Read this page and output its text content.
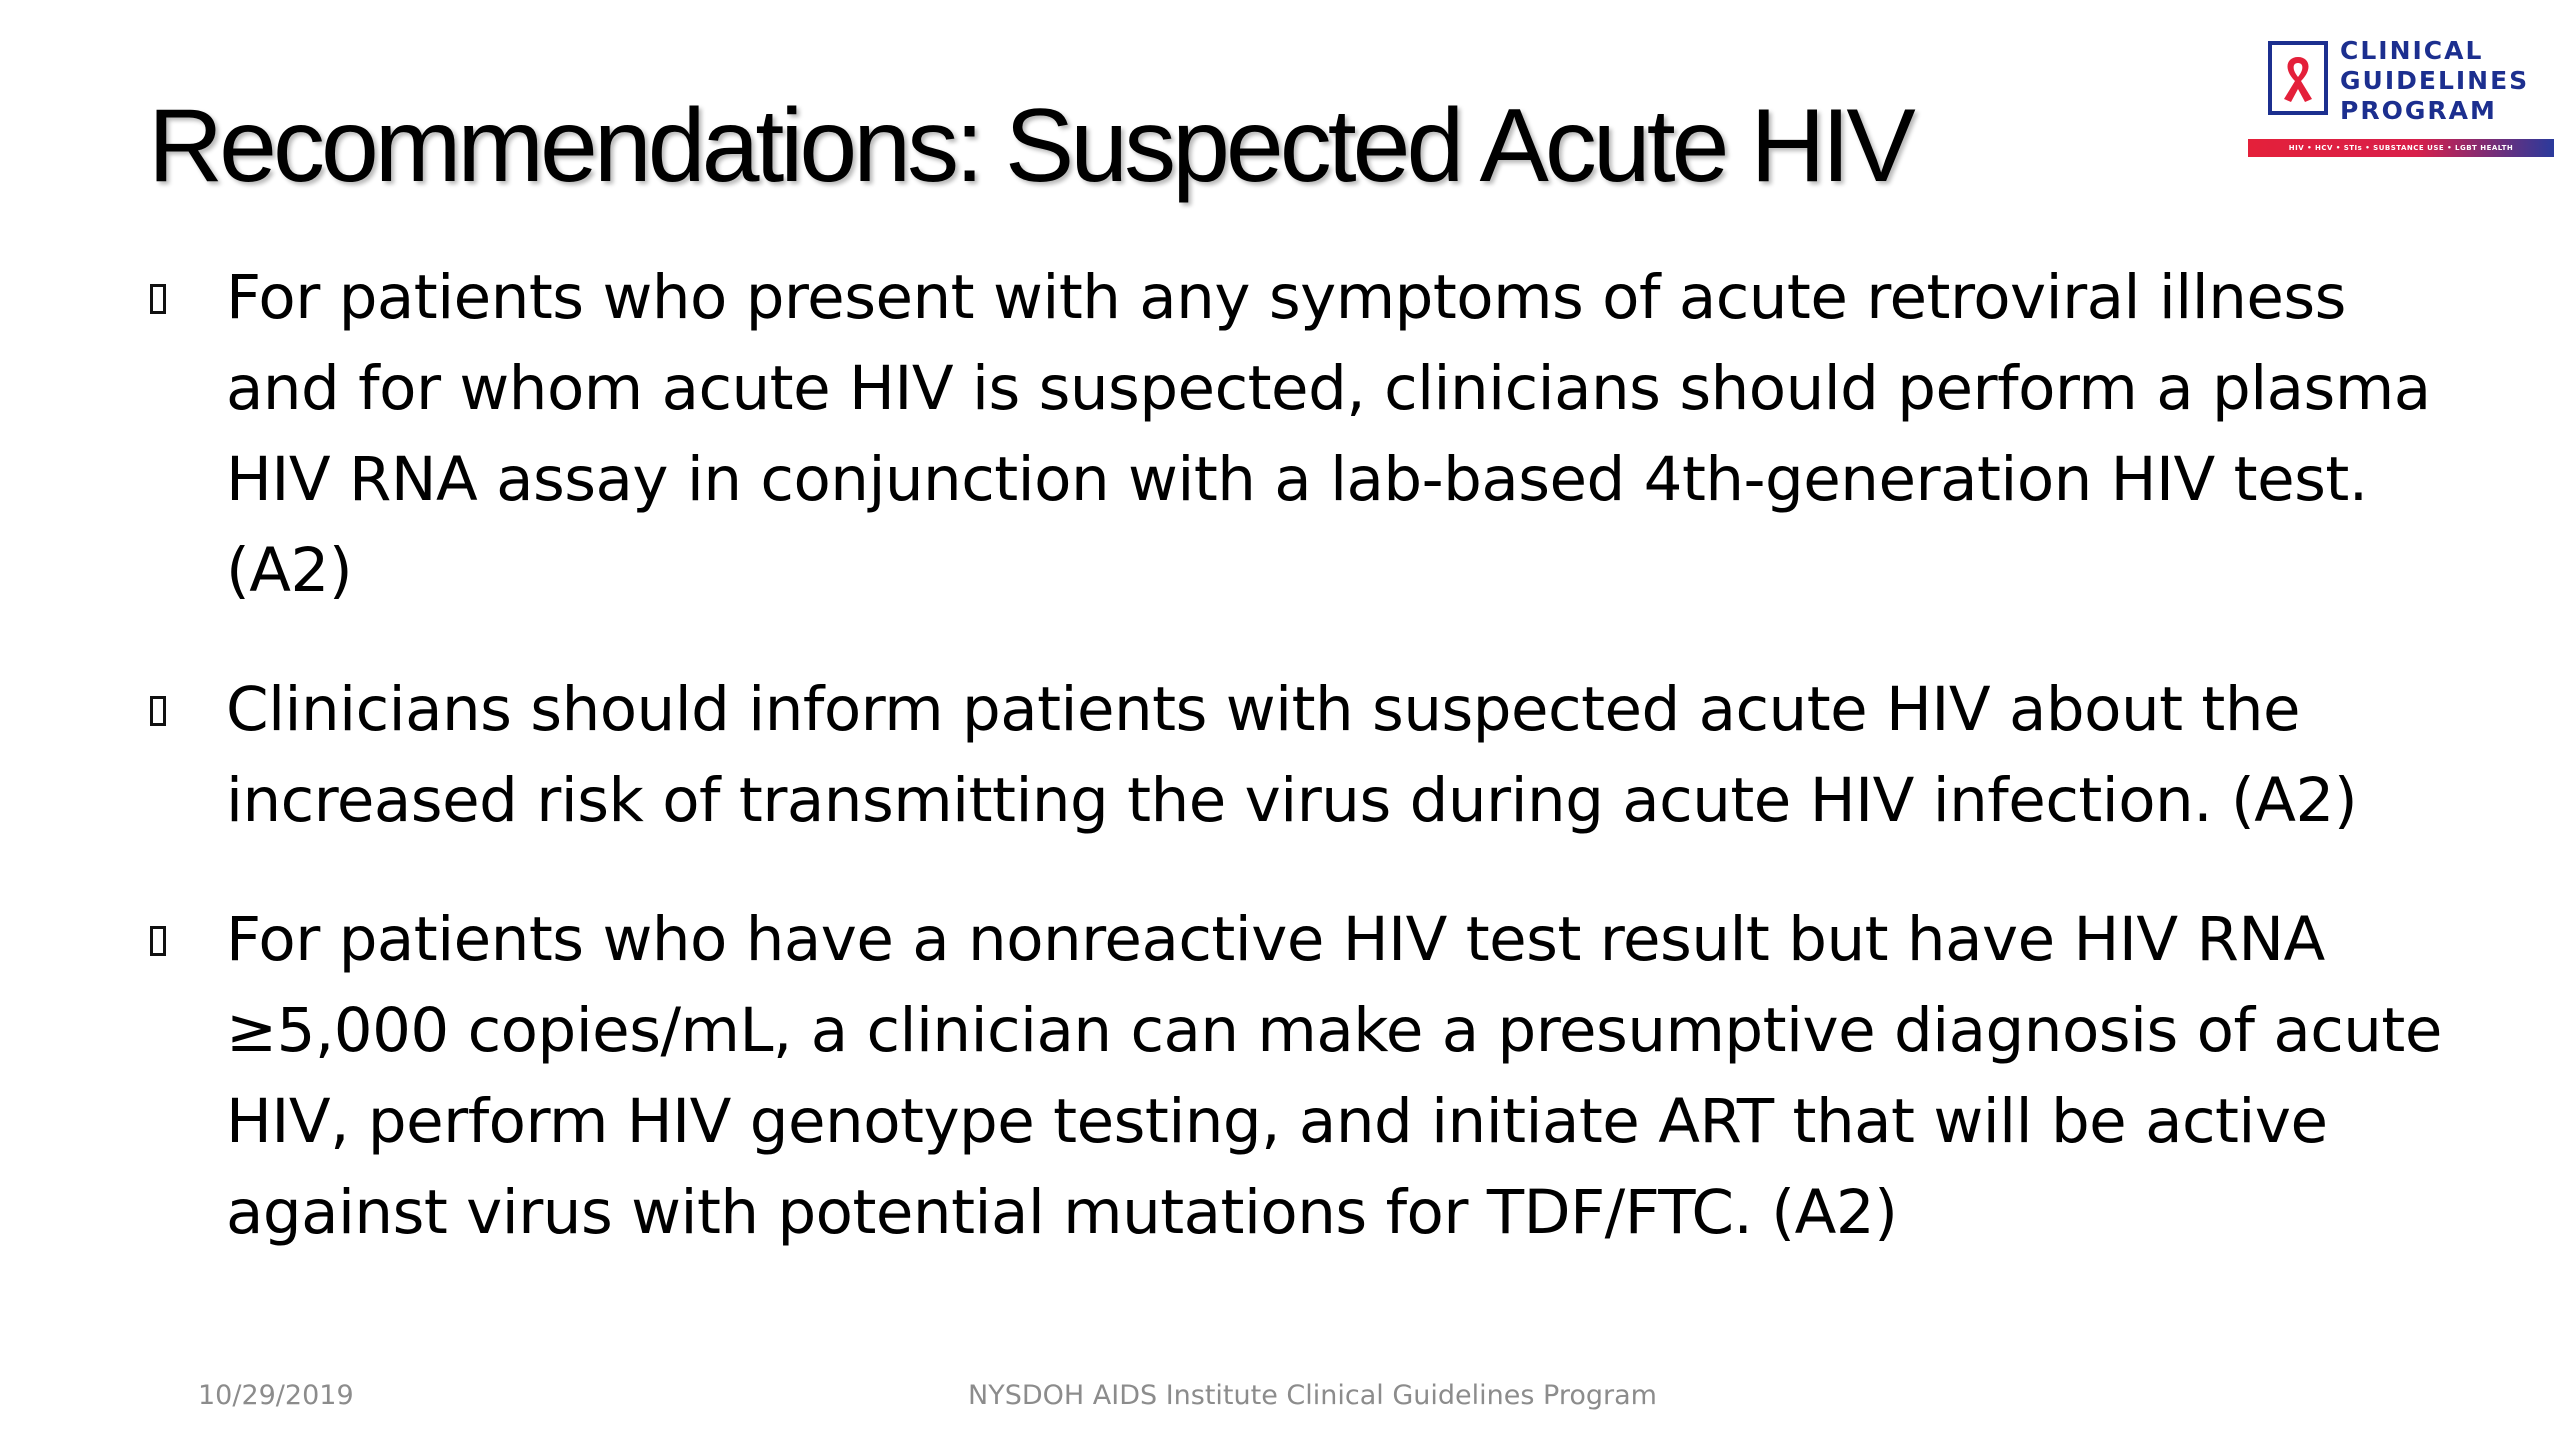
Recommendations: Suspected Acute HIV
CLINICAL
GUIDELINES
PROGRAM
HIV • HCV • STIs • SUBSTANCE USE • LGBT HEALTH
For patients who present with any symptoms of acute retroviral illness and for whom acute HIV is suspected, clinicians should perform a plasma HIV RNA assay in conjunction with a lab-based 4th-generation HIV test. (A2)
Clinicians should inform patients with suspected acute HIV about the increased risk of transmitting the virus during acute HIV infection. (A2)
For patients who have a nonreactive HIV test result but have HIV RNA ≥5,000 copies/mL, a clinician can make a presumptive diagnosis of acute HIV, perform HIV genotype testing, and initiate ART that will be active against virus with potential mutations for TDF/FTC. (A2)
10/29/2019	NYSDOH AIDS Institute Clinical Guidelines Program
